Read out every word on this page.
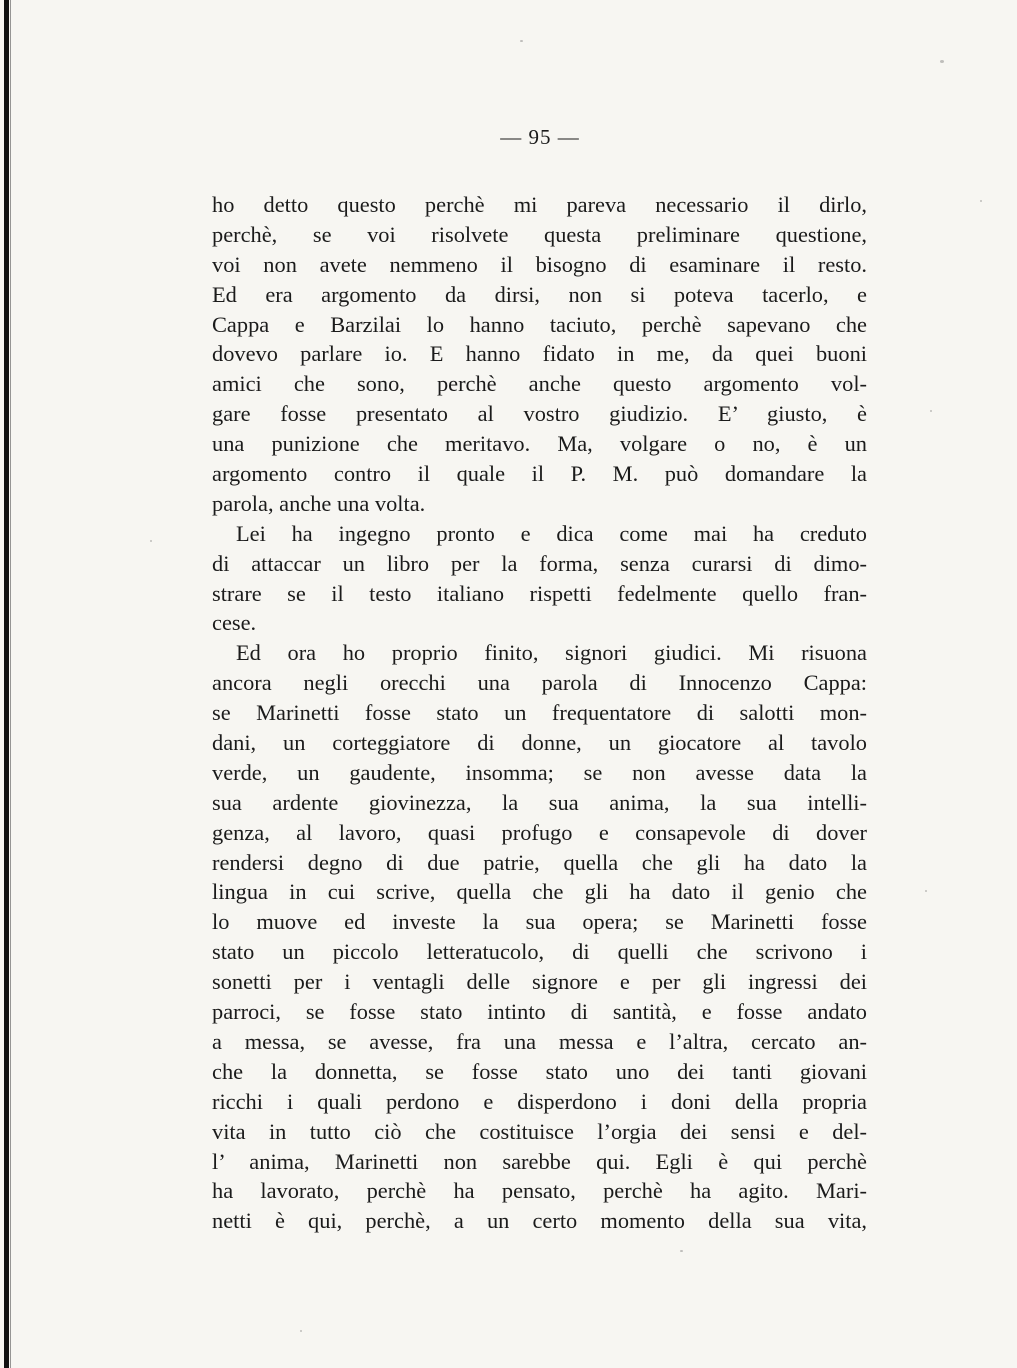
— 95 —
ho detto questo perchè mi pareva necessario il dirlo,
perchè, se voi risolvete questa preliminare questione,
voi non avete nemmeno il bisogno di esaminare il resto.
Ed era argomento da dirsi, non si poteva tacerlo, e
Cappa e Barzilai lo hanno taciuto, perchè sapevano che
dovevo parlare io. E hanno fidato in me, da quei buoni
amici che sono, perchè anche questo argomento vol-
gare fosse presentato al vostro giudizio. E’ giusto, è
una punizione che meritavo. Ma, volgare o no, è un
argomento contro il quale il P. M. può domandare la
parola, anche una volta.
Lei ha ingegno pronto e dica come mai ha creduto
di attaccar un libro per la forma, senza curarsi di dimo-
strare se il testo italiano rispetti fedelmente quello fran-
cese.
Ed ora ho proprio finito, signori giudici. Mi risuona
ancora negli orecchi una parola di Innocenzo Cappa:
se Marinetti fosse stato un frequentatore di salotti mon-
dani, un corteggiatore di donne, un giocatore al tavolo
verde, un gaudente, insomma; se non avesse data la
sua ardente giovinezza, la sua anima, la sua intelli-
genza, al lavoro, quasi profugo e consapevole di dover
rendersi degno di due patrie, quella che gli ha dato la
lingua in cui scrive, quella che gli ha dato il genio che
lo muove ed investe la sua opera; se Marinetti fosse
stato un piccolo letteratucolo, di quelli che scrivono i
sonetti per i ventagli delle signore e per gli ingressi dei
parroci, se fosse stato intinto di santità, e fosse andato
a messa, se avesse, fra una messa e l’altra, cercato an-
che la donnetta, se fosse stato uno dei tanti giovani
ricchi i quali perdono e disperdono i doni della propria
vita in tutto ciò che costituisce l’orgia dei sensi e del-
l’ anima, Marinetti non sarebbe qui. Egli è qui perchè
ha lavorato, perchè ha pensato, perchè ha agito. Mari-
netti è qui, perchè, a un certo momento della sua vita,
